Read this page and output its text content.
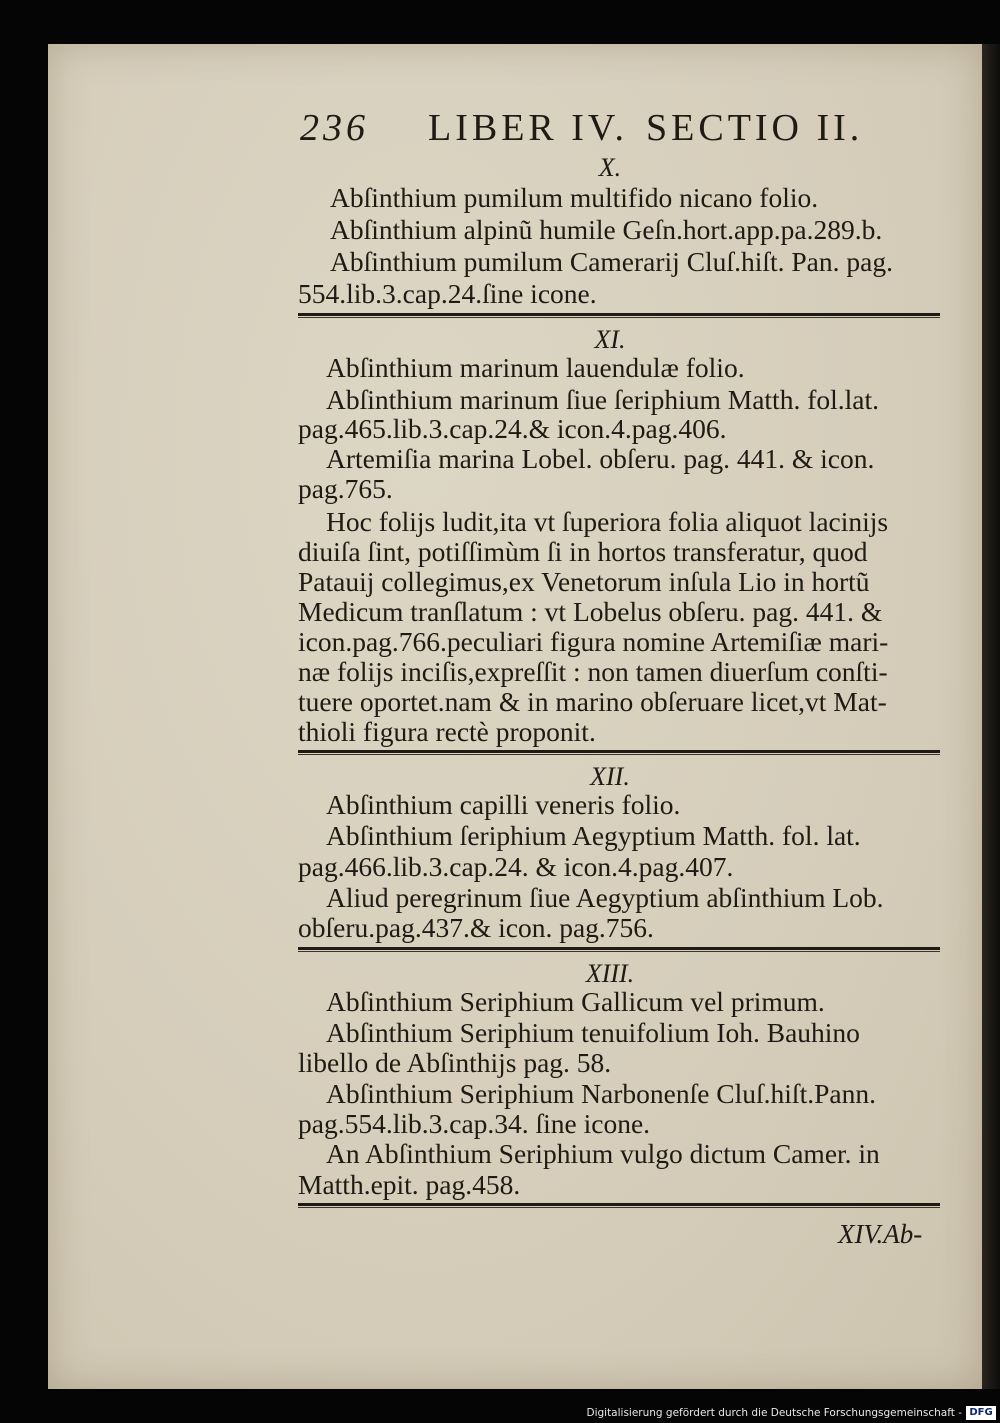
236 LIBER IV. SECTIO II.
X.
Abſinthium pumilum multifido nicano folio.
Abſinthium alpinũ humile Geſn.hort.app.pa.289.b.
Abſinthium pumilum Camerarij Cluſ.hiſt. Pan. pag.
554.lib.3.cap.24.ſine icone.
XI.
Abſinthium marinum lauendulæ folio.
Abſinthium marinum ſiue ſeriphium Matth. fol.lat.
pag.465.lib.3.cap.24.& icon.4.pag.406.
Artemiſia marina Lobel. obſeru. pag. 441. & icon.
pag.765.
Hoc folijs ludit,ita vt ſuperiora folia aliquot lacinijs
diuiſa ſint, potiſſimùm ſi in hortos transferatur, quod
Patauij collegimus,ex Venetorum inſula Lio in hortũ
Medicum tranſlatum : vt Lobelus obſeru. pag. 441. &
icon.pag.766.peculiari figura nomine Artemiſiæ mari-
næ folijs inciſis,expreſſit : non tamen diuerſum conſti-
tuere oportet.nam & in marino obſeruare licet,vt Mat-
thioli figura rectè proponit.
XII.
Abſinthium capilli veneris folio.
Abſinthium ſeriphium Aegyptium Matth. fol. lat.
pag.466.lib.3.cap.24. & icon.4.pag.407.
Aliud peregrinum ſiue Aegyptium abſinthium Lob.
obſeru.pag.437.& icon. pag.756.
XIII.
Abſinthium Seriphium Gallicum vel primum.
Abſinthium Seriphium tenuifolium Ioh. Bauhino
libello de Abſinthijs pag. 58.
Abſinthium Seriphium Narbonenſe Cluſ.hiſt.Pann.
pag.554.lib.3.cap.34. ſine icone.
An Abſinthium Seriphium vulgo dictum Camer. in
Matth.epit. pag.458.
XIV.Ab-
Digitalisierung gefördert durch die Deutsche Forschungsgemeinschaft - DFG
